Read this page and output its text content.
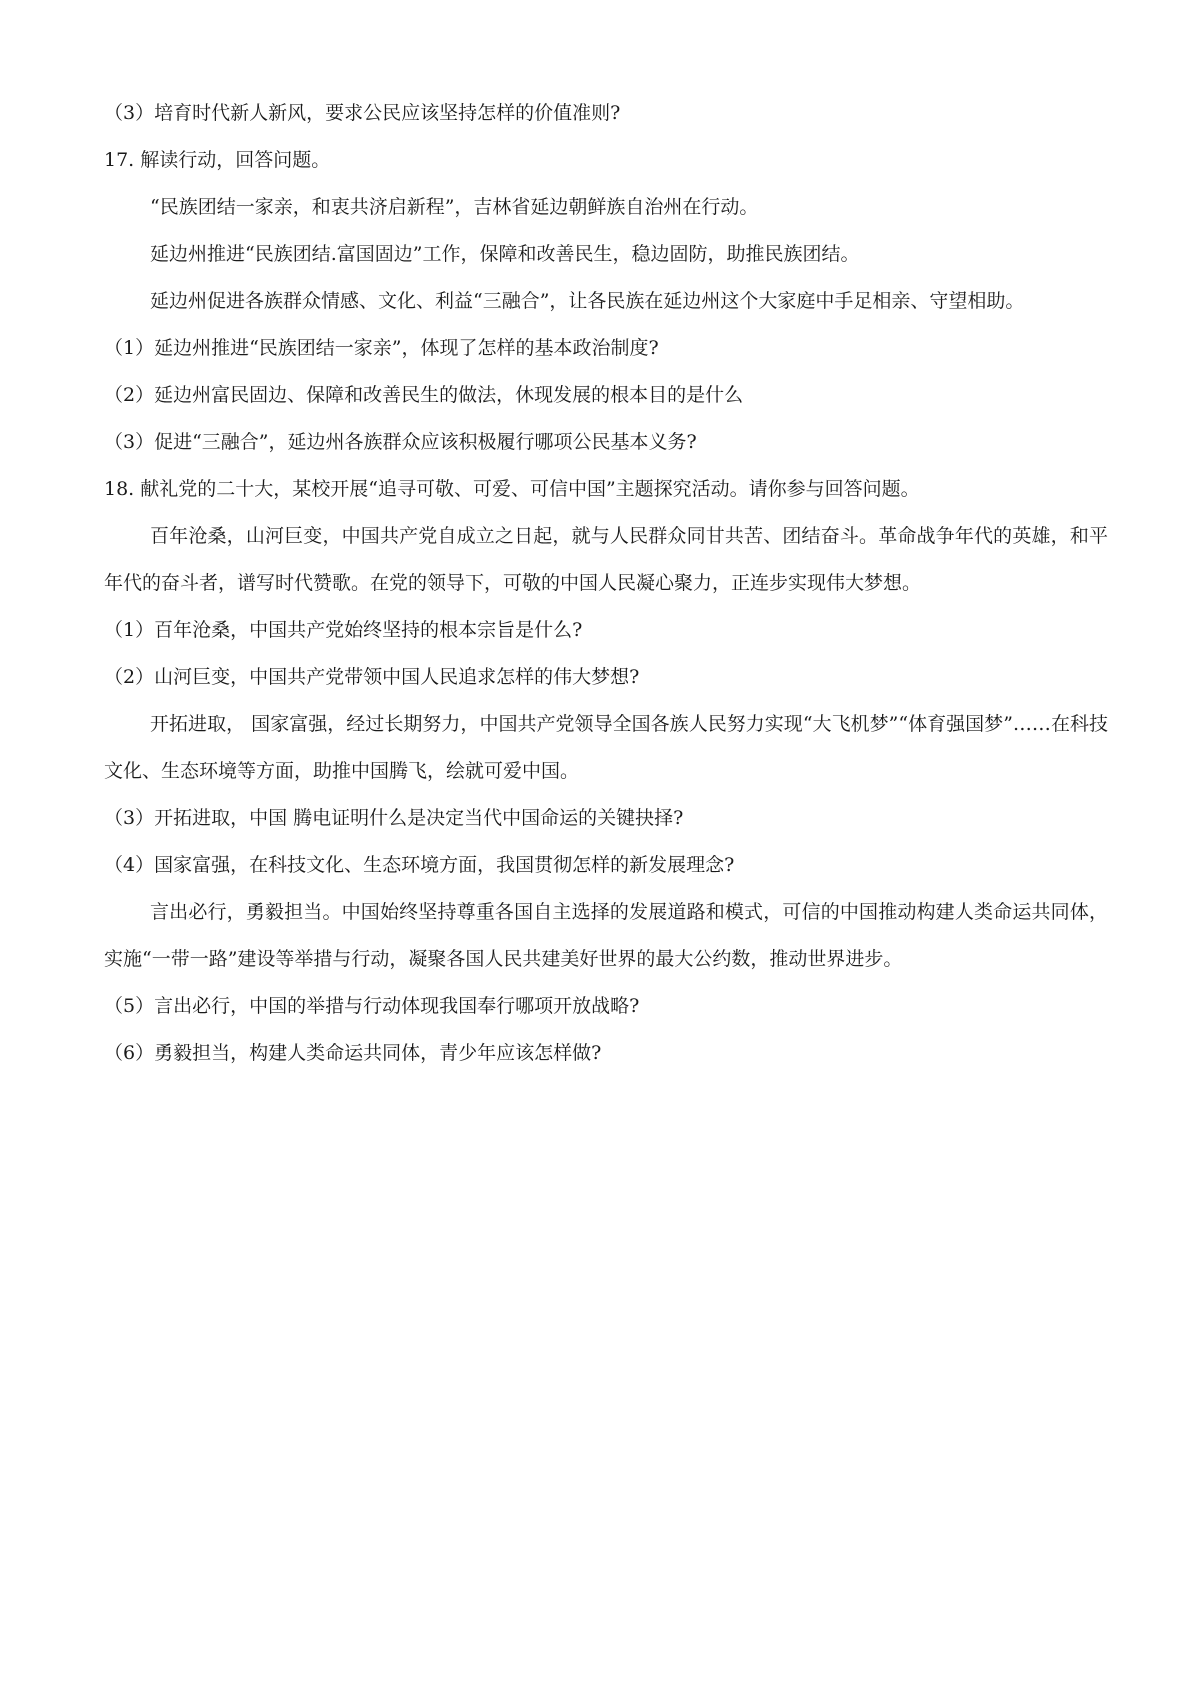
（3）培育时代新人新风，要求公民应该坚持怎样的价值准则?
17. 解读行动，回答问题。
“民族团结一家亲，和衷共济启新程”，吉林省延边朝鲜族自治州在行动。
延边州推进“民族团结.富国固边”工作，保障和改善民生，稳边固防，助推民族团结。
延边州促进各族群众情感、文化、利益“三融合”，让各民族在延边州这个大家庭中手足相亲、守望相助。
（1）延边州推进“民族团结一家亲”，体现了怎样的基本政治制度?
（2）延边州富民固边、保障和改善民生的做法，休现发展的根本目的是什么
（3）促进“三融合”，延边州各族群众应该积极履行哪项公民基本义务?
18. 献礼党的二十大，某校开展“追寻可敬、可爱、可信中国”主题探究活动。请你参与回答问题。
百年沧桑，山河巨变，中国共产党自成立之日起，就与人民群众同甘共苦、团结奋斗。革命战争年代的英雄，和平年代的奋斗者，谱写时代赞歌。在党的领导下，可敬的中国人民凝心聚力，正连步实现伟大梦想。
（1）百年沧桑，中国共产党始终坚持的根本宗旨是什么?
（2）山河巨变，中国共产党带领中国人民追求怎样的伟大梦想?
开拓进取， 国家富强，经过长期努力，中国共产党领导全国各族人民努力实现“大飞机梦”“体育强国梦”……在科技文化、生态环境等方面，助推中国腾飞，绘就可爱中国。
（3）开拓进取，中国 腾电证明什么是决定当代中国命运的关键抉择?
（4）国家富强，在科技文化、生态环境方面，我国贯彻怎样的新发展理念?
言出必行，勇毅担当。中国始终坚持尊重各国自主选择的发展道路和模式，可信的中国推动构建人类命运共同体，实施“一带一路”建设等举措与行动，凝聚各国人民共建美好世界的最大公约数，推动世界进步。
（5）言出必行，中国的举措与行动体现我国奉行哪项开放战略?
（6）勇毅担当，构建人类命运共同体，青少年应该怎样做?
